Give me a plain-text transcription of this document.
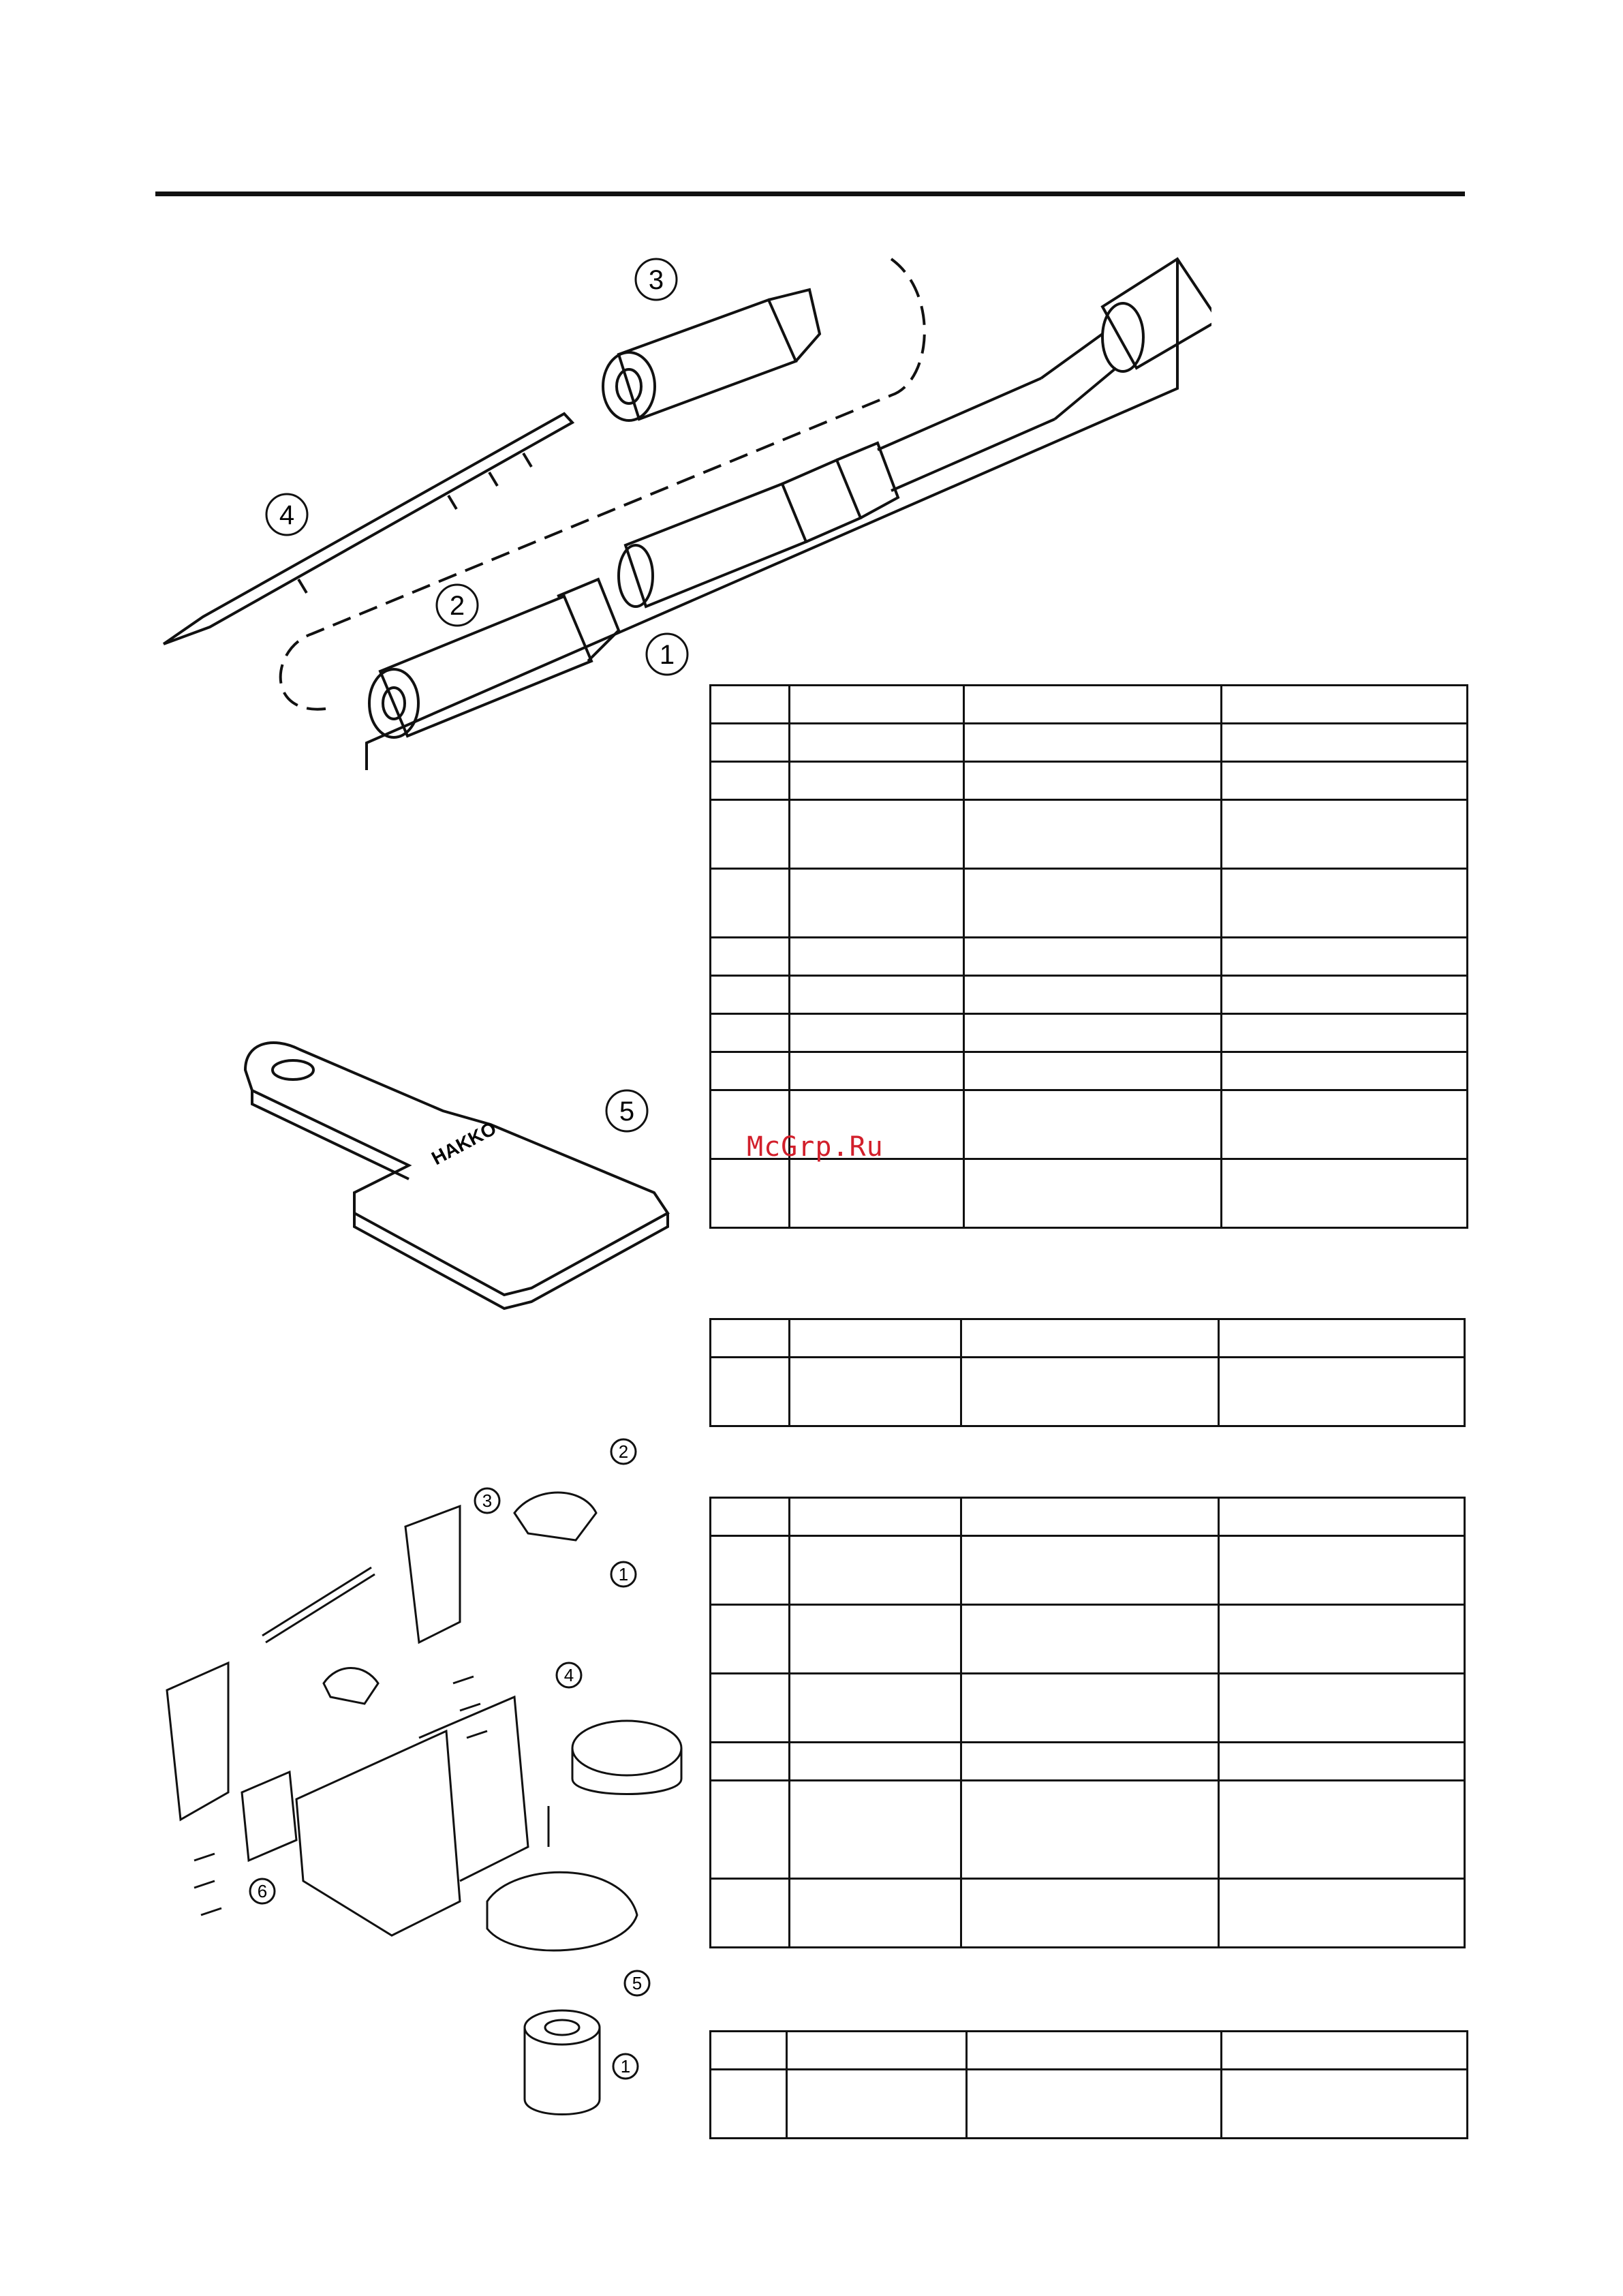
3
4
2
1
HAKKO
5
2
3
1
4
6
5
1

McGrp.Ru
